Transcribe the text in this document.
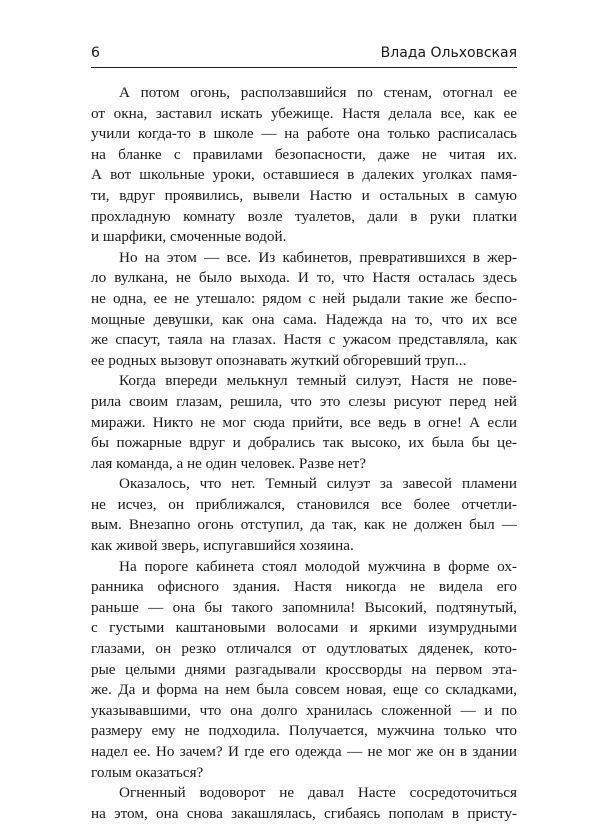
6	Влада Ольховская
А потом огонь, расползавшийся по стенам, отогнал ее
от окна, заставил искать убежище. Настя делала все, как ее
учили когда-то в школе — на работе она только расписалась
на бланке с правилами безопасности, даже не читая их.
А вот школьные уроки, оставшиеся в далеких уголках памя-
ти, вдруг проявились, вывели Настю и остальных в самую
прохладную комнату возле туалетов, дали в руки платки
и шарфики, смоченные водой.
Но на этом — все. Из кабинетов, превратившихся в жер-
ло вулкана, не было выхода. И то, что Настя осталась здесь
не одна, ее не утешало: рядом с ней рыдали такие же беспо-
мощные девушки, как она сама. Надежда на то, что их все
же спасут, таяла на глазах. Настя с ужасом представляла, как
ее родных вызовут опознавать жуткий обгоревший труп...
Когда впереди мелькнул темный силуэт, Настя не пове-
рила своим глазам, решила, что это слезы рисуют перед ней
миражи. Никто не мог сюда прийти, все ведь в огне! А если
бы пожарные вдруг и добрались так высоко, их была бы це-
лая команда, а не один человек. Разве нет?
Оказалось, что нет. Темный силуэт за завесой пламени
не исчез, он приближался, становился все более отчетли-
вым. Внезапно огонь отступил, да так, как не должен был —
как живой зверь, испугавшийся хозяина.
На пороге кабинета стоял молодой мужчина в форме ох-
ранника офисного здания. Настя никогда не видела его
раньше — она бы такого запомнила! Высокий, подтянутый,
с густыми каштановыми волосами и яркими изумрудными
глазами, он резко отличался от одутловатых дяденек, кото-
рые целыми днями разгадывали кроссворды на первом эта-
же. Да и форма на нем была совсем новая, еще со складками,
указывавшими, что она долго хранилась сложенной — и по
размеру ему не подходила. Получается, мужчина только что
надел ее. Но зачем? И где его одежда — не мог же он в здании
голым оказаться?
Огненный водоворот не давал Насте сосредоточиться
на этом, она снова закашлялась, сгибаясь пополам в присту-
